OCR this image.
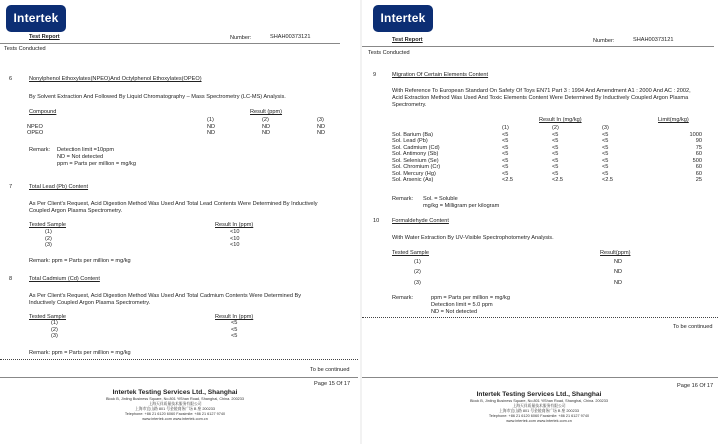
Intertek
Test Report	Number:	SHAH00373121
Tests Conducted
6	Nonylphenol Ethoxylates(NPEO)And Octylphenol Ethoxylates(OPEO)
By Solvent Extraction And Followed By Liquid Chromatography – Mass Spectrometry (LC-MS) Analysis.
Compound	Result (ppm)
(1)	(2)	(3)
NPEO	ND	ND	ND
OPEO	ND	ND	ND
Remark: Detection limit =10ppm
ND = Not detected
ppm = Parts per million = mg/kg
7	Total Lead (Pb) Content
As Per Client's Request, Acid Digestion Method Was Used And Total Lead Contents Were Determined By Inductively
Coupled Argon Plasma Spectrometry.
Tested Sample	Result In (ppm)
(1)	<10
(2)	<10
(3)	<10
Remark: ppm = Parts per million = mg/kg
8	Total Cadmium (Cd) Content
As Per Client's Request, Acid Digestion Method Was Used And Total Cadmium Contents Were Determined By
Inductively Coupled Argon Plasma Spectrometry.
Tested Sample	Result In (ppm)
(1)	<5
(2)	<5
(3)	<5
Remark: ppm = Parts per million = mg/kg
To be continued
Page 15 Of 17
Intertek Testing Services Ltd., Shanghai
Block B, Jinling Business Square, No.801 YiShan Road, Shanghai, China. 200233
上海天祥质量技术服务有限公司
上海市宜山路 801 号金陵商务广场 B 座 200233
Telephone: +86 21 6120 6060 Facsimile: +86 21 6127 9740
www.intertek.com www.intertek.com.cn
Intertek
Test Report	Number:	SHAH00373121
Tests Conducted
9	Migration Of Certain Elements Content
With Reference To European Standard On Safety Of Toys EN71 Part 3 : 1994 And Amendment A1 : 2000 And AC : 2002,
Acid Extraction Method Was Used And Toxic Elements Content Were Determined By Inductively Coupled Argon Plasma
Spectrometry.
Result In (mg/kg)	Limit(mg/kg)
(1)	(2)	(3)
Sol. Barium (Ba)	<5	<5	<5	1000
Sol. Lead (Pb)	<5	<5	<5	90
Sol. Cadmium (Cd)	<5	<5	<5	75
Sol. Antimony (Sb)	<5	<5	<5	60
Sol. Selenium (Se)	<5	<5	<5	500
Sol. Chromium (Cr)	<5	<5	<5	60
Sol. Mercury (Hg)	<5	<5	<5	60
Sol. Arsenic (As)	<2.5	<2.5	<2.5	25
Remark: Sol. = Soluble
mg/kg = Milligram per kilogram
10 Formaldehyde Content
With Water Extraction By UV-Visible Spectrophotometry Analysis.
Tested Sample	Result(ppm)
(1)	ND
(2)	ND
(3)	ND
Remark:	ppm = Parts per million = mg/kg
Detection limit = 5.0 ppm
ND = Not detected
To be continued
Page 16 Of 17
Intertek Testing Services Ltd., Shanghai
Block B, Jinling Business Square, No.801 YiShan Road, Shanghai, China. 200233
上海天祥质量技术服务有限公司
上海市宜山路 801 号金陵商务广场 B 座 200233
Telephone: +86 21 6120 6060 Facsimile: +86 21 6127 9740
www.intertek.com www.intertek.com.cn
